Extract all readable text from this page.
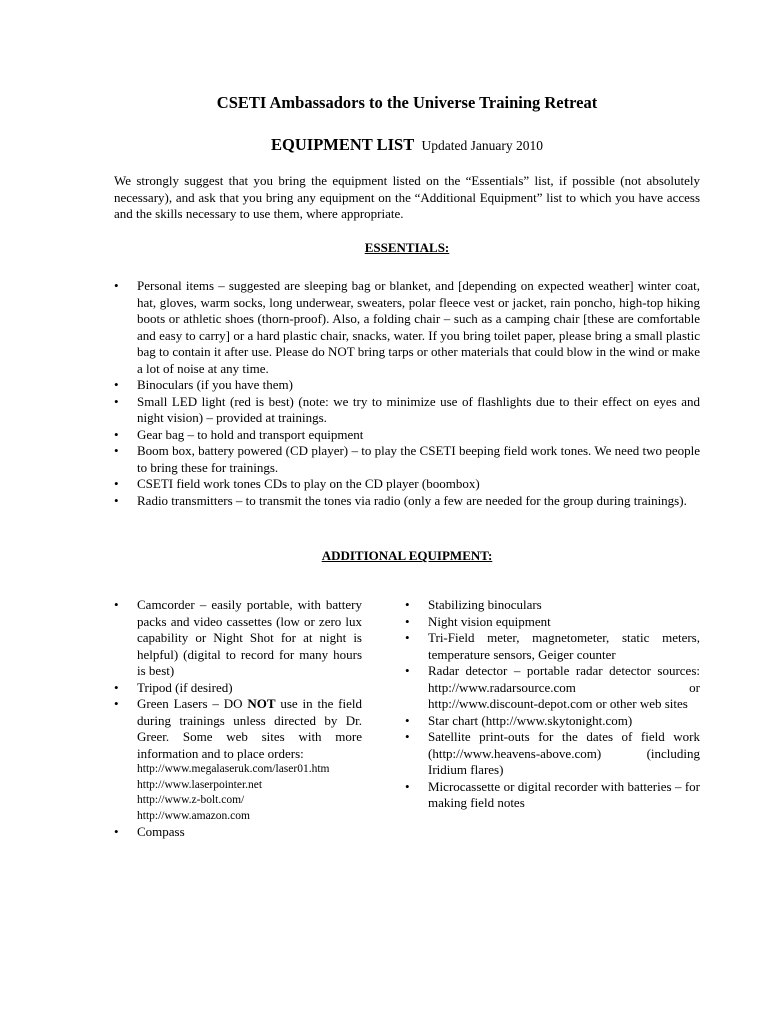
CSETI Ambassadors to the Universe Training Retreat
EQUIPMENT LIST Updated January 2010
We strongly suggest that you bring the equipment listed on the “Essentials” list, if possible (not absolutely necessary), and ask that you bring any equipment on the “Additional Equipment” list to which you have access and the skills necessary to use them, where appropriate.
ESSENTIALS:
• Personal items – suggested are sleeping bag or blanket, and [depending on expected weather] winter coat, hat, gloves, warm socks, long underwear, sweaters, polar fleece vest or jacket, rain poncho, high-top hiking boots or athletic shoes (thorn-proof). Also, a folding chair – such as a camping chair [these are comfortable and easy to carry] or a hard plastic chair, snacks, water. If you bring toilet paper, please bring a small plastic bag to contain it after use. Please do NOT bring tarps or other materials that could blow in the wind or make a lot of noise at any time.
• Binoculars (if you have them)
• Small LED light (red is best) (note: we try to minimize use of flashlights due to their effect on eyes and night vision) – provided at trainings.
• Gear bag – to hold and transport equipment
• Boom box, battery powered (CD player) – to play the CSETI beeping field work tones. We need two people to bring these for trainings.
• CSETI field work tones CDs to play on the CD player (boombox)
• Radio transmitters – to transmit the tones via radio (only a few are needed for the group during trainings).
ADDITIONAL EQUIPMENT:
• Camcorder – easily portable, with battery packs and video cassettes (low or zero lux capability or Night Shot for at night is helpful) (digital to record for many hours is best)
• Tripod (if desired)
• Green Lasers – DO NOT use in the field during trainings unless directed by Dr. Greer. Some web sites with more information and to place orders:
http://www.megalaseruk.com/laser01.htm
http://www.laserpointer.net
http://www.z-bolt.com/
http://www.amazon.com
• Compass
• Stabilizing binoculars
• Night vision equipment
• Tri-Field meter, magnetometer, static meters, temperature sensors, Geiger counter
• Radar detector – portable radar detector sources: http://www.radarsource.com or http://www.discount-depot.com or other web sites
• Star chart (http://www.skytonight.com)
• Satellite print-outs for the dates of field work (http://www.heavens-above.com) (including Iridium flares)
• Microcassette or digital recorder with batteries – for making field notes
